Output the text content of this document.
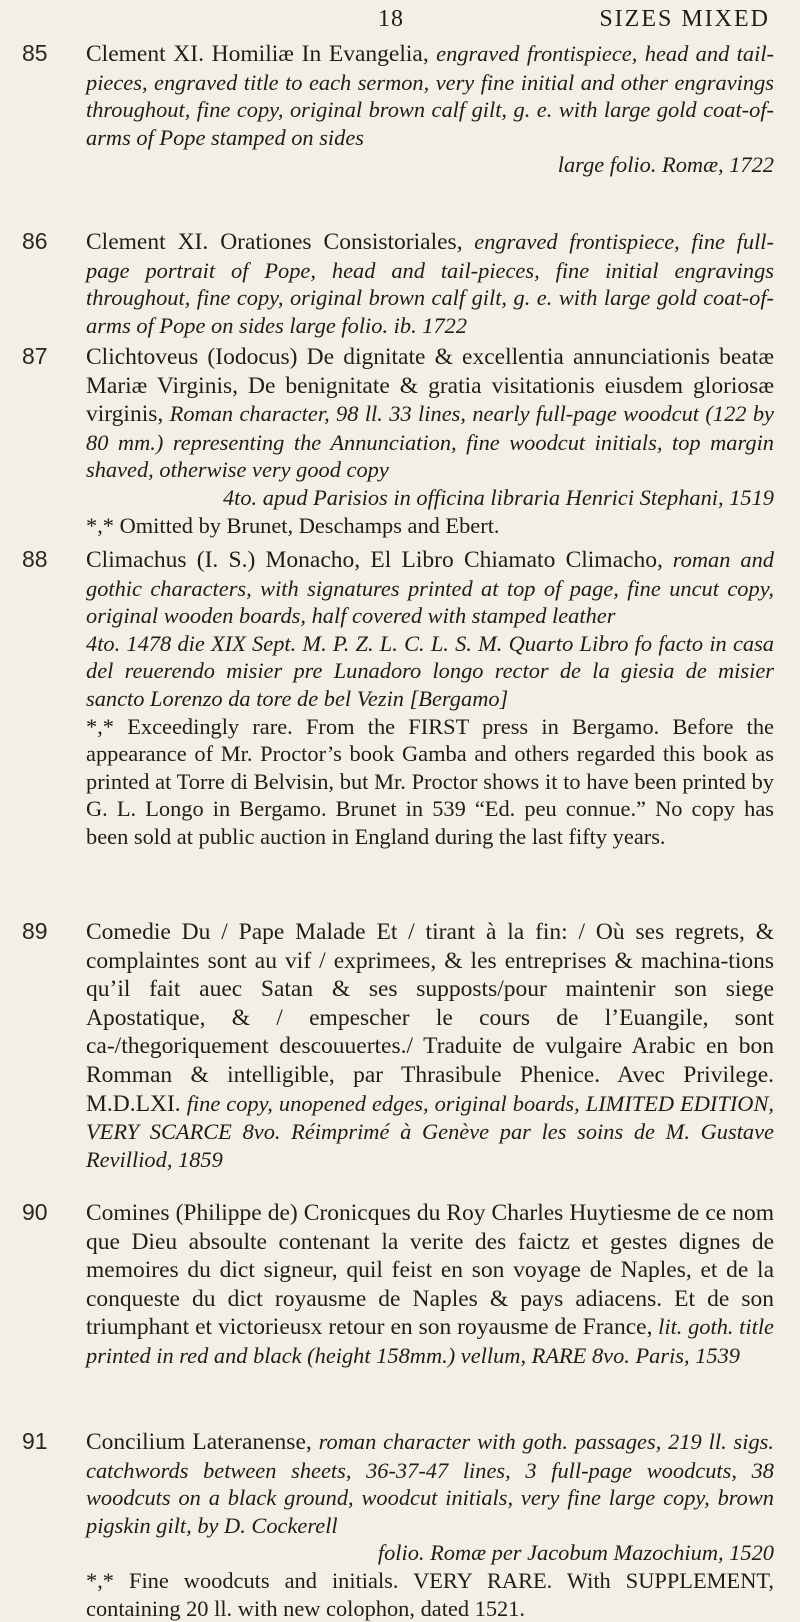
18	SIZES MIXED
85 Clement XI. Homiliæ In Evangelia, engraved frontispiece, head and tail-pieces, engraved title to each sermon, very fine initial and other engravings throughout, fine copy, original brown calf gilt, g. e. with large gold coat-of-arms of Pope stamped on sides
large folio. Romæ, 1722
86 Clement XI. Orationes Consistoriales, engraved frontispiece, fine full-page portrait of Pope, head and tail-pieces, fine initial engravings throughout, fine copy, original brown calf gilt, g. e. with large gold coat-of-arms of Pope on sides large folio. ib. 1722
87 Clichtoveus (Iodocus) De dignitate & excellentia annunciationis beatæ Mariæ Virginis, De benignitate & gratia visitationis eiusdem gloriosæ virginis, Roman character, 98 ll. 33 lines, nearly full-page woodcut (122 by 80 mm.) representing the Annunciation, fine woodcut initials, top margin shaved, otherwise very good copy
4to. apud Parisios in officina libraria Henrici Stephani, 1519
*,* Omitted by Brunet, Deschamps and Ebert.
88 Climachus (I. S.) Monacho, El Libro Chiamato Climacho, roman and gothic characters, with signatures printed at top of page, fine uncut copy, original wooden boards, half covered with stamped leather
4to. 1478 die XIX Sept. M. P. Z. L. C. L. S. M. Quarto Libro fo facto in casa del reuerendo misier pre Lunadoro longo rector de la giesia de misier sancto Lorenzo da tore de bel Vezin [Bergamo]
*,* Exceedingly rare. From the FIRST press in Bergamo. Before the appearance of Mr. Proctor’s book Gamba and others regarded this book as printed at Torre di Belvisin, but Mr. Proctor shows it to have been printed by G. L. Longo in Bergamo. Brunet in 539 “Ed. peu connue.” No copy has been sold at public auction in England during the last fifty years.
89 Comedie Du / Pape Malade Et / tirant à la fin: / Où ses regrets, & complaintes sont au vif / exprimees, & les entreprises & machina-tions qu’il fait auec Satan & ses supposts/pour maintenir son siege Apostatique, & / empescher le cours de l’Euangile, sont ca-/thegoriquement descouuertes./ Traduite de vulgaire Arabic en bon Romman & intelligible, par Thrasibule Phenice. Avec Privilege. M.D.LXI. fine copy, unopened edges, original boards, LIMITED EDITION, VERY SCARCE 8vo. Réimprimé à Genève par les soins de M. Gustave Revilliod, 1859
90 Comines (Philippe de) Cronicques du Roy Charles Huytiesme de ce nom que Dieu absoulte contenant la verite des faictz et gestes dignes de memoires du dict signeur, quil feist en son voyage de Naples, et de la conqueste du dict royausme de Naples & pays adiacens. Et de son triumphant et victorieusx retour en son royausme de France, lit. goth. title printed in red and black (height 158mm.) vellum, RARE 8vo. Paris, 1539
91 Concilium Lateranense, roman character with goth. passages, 219 ll. sigs. catchwords between sheets, 36-37-47 lines, 3 full-page woodcuts, 38 woodcuts on a black ground, woodcut initials, very fine large copy, brown pigskin gilt, by D. Cockerell
folio. Romæ per Jacobum Mazochium, 1520
*,* Fine woodcuts and initials. VERY RARE. With SUPPLEMENT, containing 20 ll. with new colophon, dated 1521.
